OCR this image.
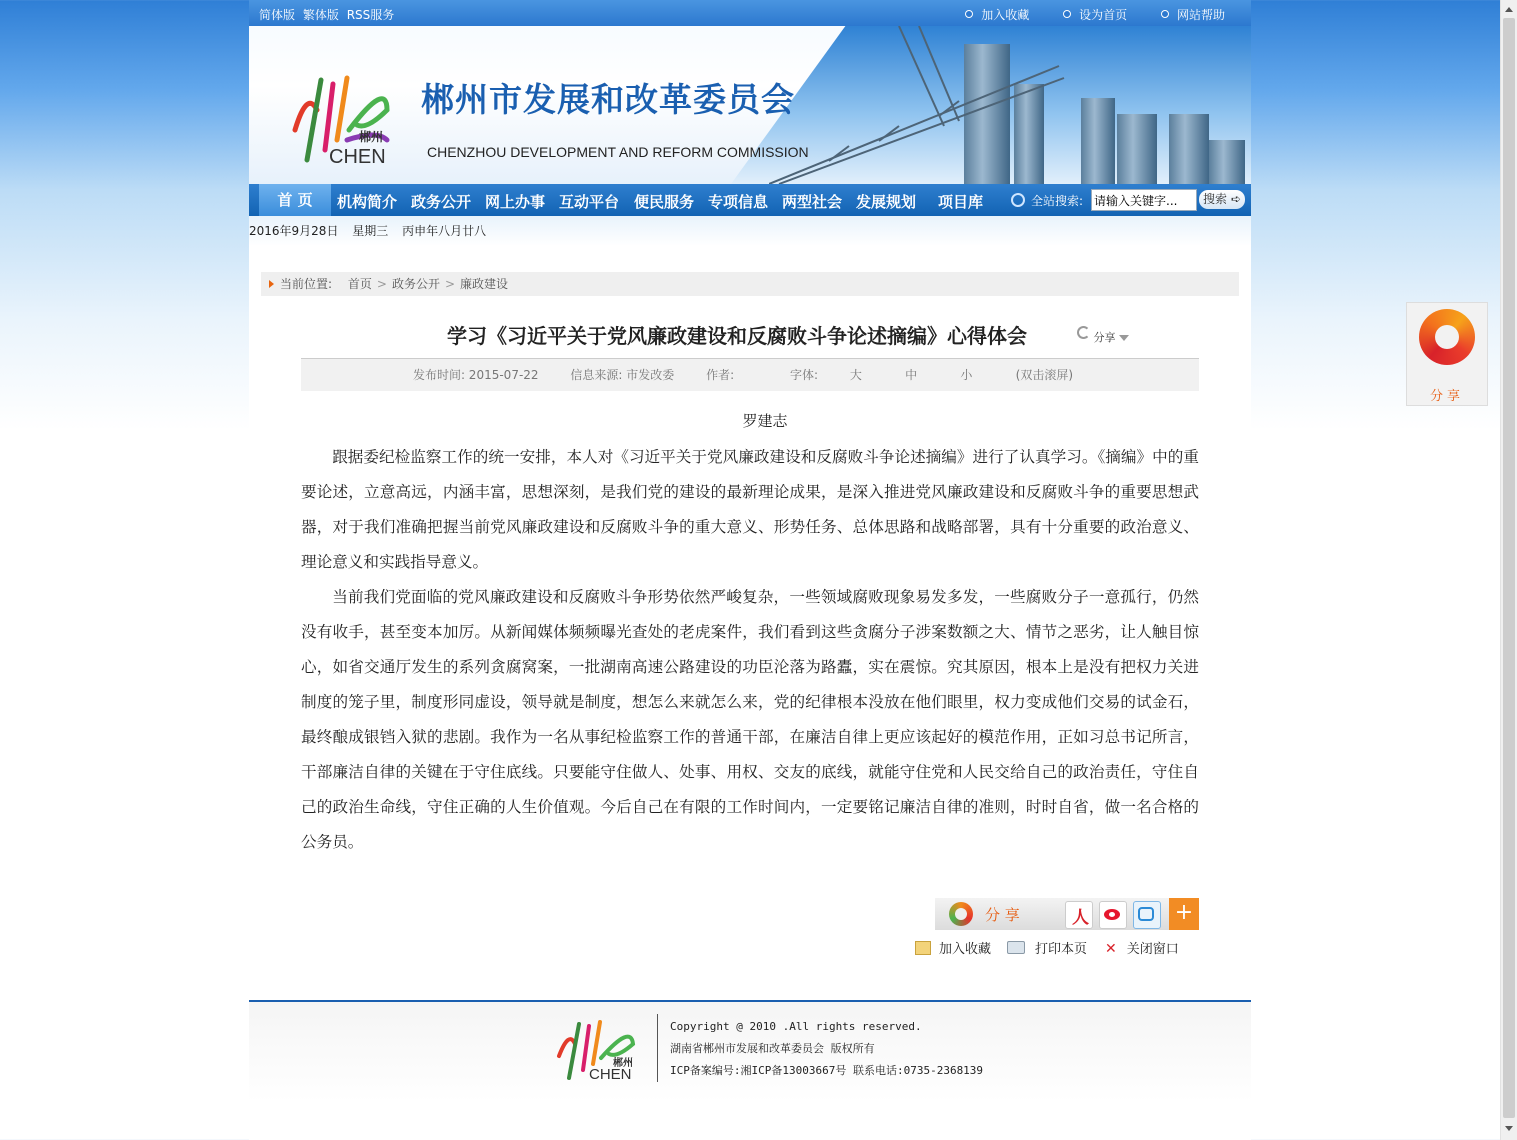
简体版 繁体版 RSS服务	加入收藏	设为首页	网站帮助
郴州
CHEN
郴州市发展和改革委员会
CHENZHOU DEVELOPMENT AND REFORM COMMISSION
首 页	机构简介 政务公开 网上办事 互动平台 便民服务 专项信息 两型社会 发展规划 项目库	全站搜索:
请输入关键字...	搜索 ➪
2016年9月28日 星期三 丙申年八月廿八
当前位置: 首页 > 政务公开 > 廉政建设
学习《习近平关于党风廉政建设和反腐败斗争论述摘编》心得体会	分享
发布时间: 2015-07-22	信息来源: 市发改委	作者:	字体:	大	中	小	(双击滚屏)
罗建志

跟据委纪检监察工作的统一安排，本人对《习近平关于党风廉政建设和反腐败斗争论述摘编》进行了认真学习。《摘编》中的重要论述，立意高远，内涵丰富，思想深刻，是我们党的建设的最新理论成果，是深入推进党风廉政建设和反腐败斗争的重要思想武器，对于我们准确把握当前党风廉政建设和反腐败斗争的重大意义、形势任务、总体思路和战略部署，具有十分重要的政治意义、理论意义和实践指导意义。

当前我们党面临的党风廉政建设和反腐败斗争形势依然严峻复杂，一些领域腐败现象易发多发，一些腐败分子一意孤行，仍然没有收手，甚至变本加厉。从新闻媒体频频曝光查处的老虎案件，我们看到这些贪腐分子涉案数额之大、情节之恶劣，让人触目惊心，如省交通厅发生的系列贪腐窝案，一批湖南高速公路建设的功臣沦落为路蠹，实在震惊。究其原因，根本上是没有把权力关进制度的笼子里，制度形同虚设，领导就是制度，想怎么来就怎么来，党的纪律根本没放在他们眼里，权力变成他们交易的试金石，最终酿成银铛入狱的悲剧。我作为一名从事纪检监察工作的普通干部，在廉洁自律上更应该起好的模范作用，正如习总书记所言，干部廉洁自律的关键在于守住底线。只要能守住做人、处事、用权、交友的底线，就能守住党和人民交给自己的政治责任，守住自己的政治生命线，守住正确的人生价值观。今后自己在有限的工作时间内，一定要铭记廉洁自律的准则，时时自省，做一名合格的公务员。

分 享	人	+
加入收藏	打印本页 ✕ 关闭窗口
郴州
CHEN
Copyright @ 2010 .All rights reserved.
湖南省郴州市发展和改革委员会 版权所有
ICP备案编号:湘ICP备13003667号 联系电话:0735-2368139
分享
